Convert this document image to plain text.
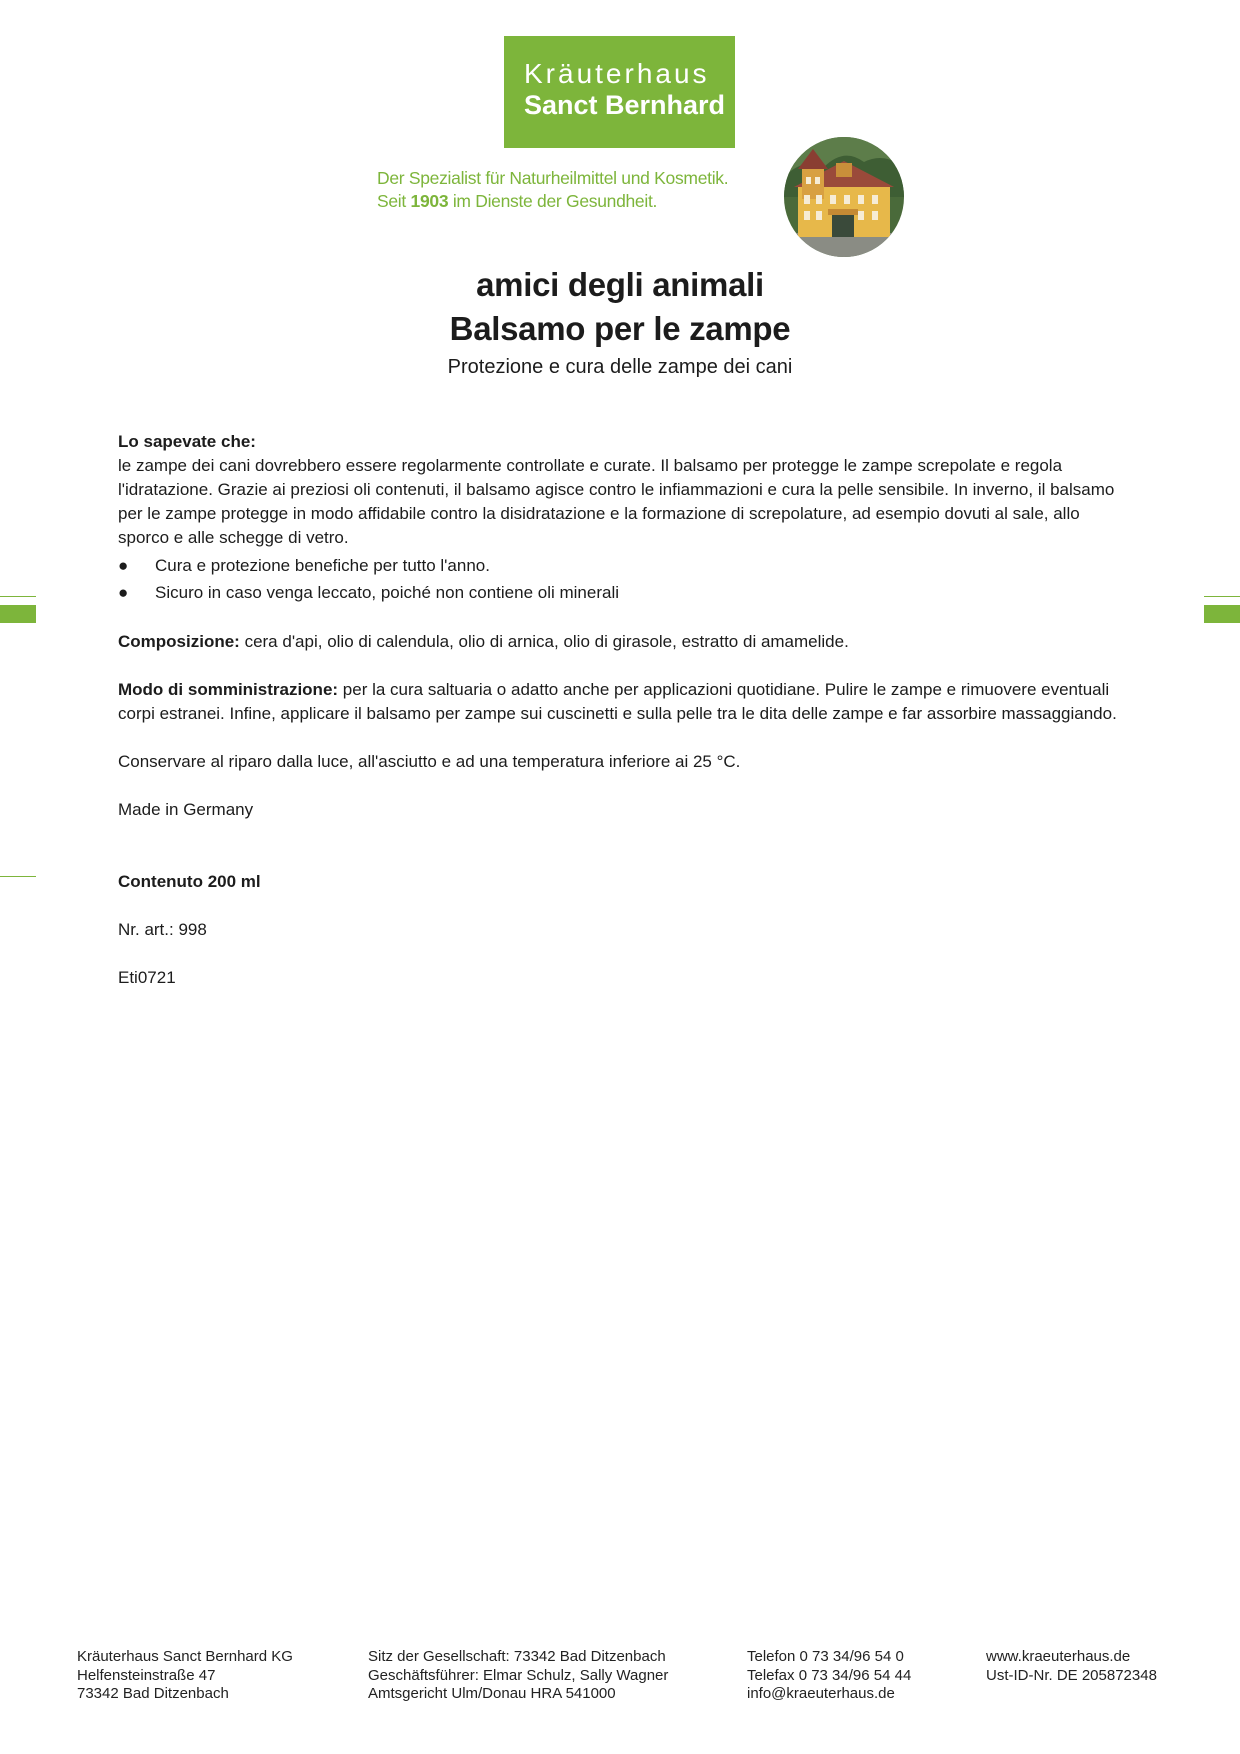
Kräuterhaus
Sanct Bernhard
Der Spezialist für Naturheilmittel und Kosmetik.
Seit 1903 im Dienste der Gesundheit.
amici degli animali
Balsamo per le zampe
Protezione e cura delle zampe dei cani

Lo sapevate che:

le zampe dei cani dovrebbero essere regolarmente controllate e curate. Il balsamo per protegge le zampe screpolate e regola l'idratazione. Grazie ai preziosi oli contenuti, il balsamo agisce contro le infiammazioni e cura la pelle sensibile. In inverno, il balsamo per le zampe protegge in modo affidabile contro la disidratazione e la formazione di screpolature, ad esempio dovuti al sale, allo sporco e alle schegge di vetro.

● Cura e protezione benefiche per tutto l'anno.
● Sicuro in caso venga leccato, poiché non contiene oli minerali

Composizione: cera d'api, olio di calendula, olio di arnica, olio di girasole, estratto di amamelide.

Modo di somministrazione: per la cura saltuaria o adatto anche per applicazioni quotidiane. Pulire le zampe e rimuovere eventuali corpi estranei. Infine, applicare il balsamo per zampe sui cuscinetti e sulla pelle tra le dita delle zampe e far assorbire massaggiando.

Conservare al riparo dalla luce, all'asciutto e ad una temperatura inferiore ai 25 °C.

Made in Germany

Contenuto 200 ml

Nr. art.: 998

Eti0721

Kräuterhaus Sanct Bernhard KG
Helfensteinstraße 47
73342 Bad Ditzenbach
Sitz der Gesellschaft: 73342 Bad Ditzenbach
Geschäftsführer: Elmar Schulz, Sally Wagner
Amtsgericht Ulm/Donau HRA 541000
Telefon 0 73 34/96 54 0
Telefax 0 73 34/96 54 44
info@kraeuterhaus.de
www.kraeuterhaus.de
Ust-ID-Nr. DE 205872348
